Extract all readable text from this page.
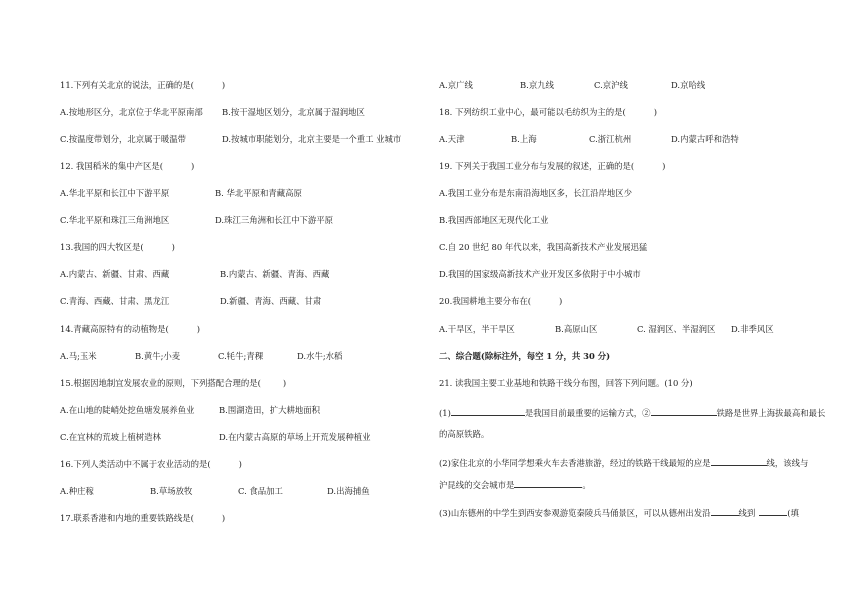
11.下列有关北京的说法，正确的是(	)
A.按地形区分，北京位于华北平原南部 B.按干湿地区划分，北京属于湿润地区
C.按温度带划分，北京属于暖温带	D.按城市职能划分，北京主要是一个重工 业城市
12. 我国稻米的集中产区是(	)
A.华北平原和长江中下游平原	B. 华北平原和青藏高原
C.华北平原和珠江三角洲地区	D.珠江三角洲和长江中下游平原
13.我国的四大牧区是(	)
A.内蒙古、新疆、甘肃、西藏	B.内蒙古、新疆、青海、西藏
C.青海、西藏、甘肃、黑龙江	D.新疆、青海、西藏、甘肃
14.青藏高原特有的动植物是(	)
A.马;玉米	B.黄牛;小麦	C.牦牛;青稞	D.水牛;水稻
15.根据因地制宜发展农业的原则，下列搭配合理的是(	)
A.在山地的陡峭处挖鱼塘发展养鱼业	B.围湖造田，扩大耕地面积
C.在宜林的荒坡上植树造林	D.在内蒙古高原的草场上开荒发展种植业
16.下列人类活动中不属于农业活动的是(	)
A.种庄稼	B.草场放牧	C. 食品加工	D.出海捕鱼
17.联系香港和内地的重要铁路线是(	)
A.京广线	B.京九线	C.京沪线	D.京哈线
18. 下列纺织工业中心，最可能以毛纺织为主的是(	)
A.天津	B.上海	C.浙江杭州	D.内蒙古呼和浩特
19. 下列关于我国工业分布与发展的叙述，正确的是(	)
A.我国工业分布是东南沿海地区多，长江沿岸地区少
B.我国西部地区无现代化工业
C.自 20 世纪 80 年代以来，我国高新技术产业发展迅猛
D.我国的国家级高新技术产业开发区多依附于中小城市
20.我国耕地主要分布在(	)
A.干旱区，半干旱区	B.高原山区	C. 湿润区、半湿润区 D.非季风区
二、综合题(除标注外，每空 1 分，共 30 分)
21. 读我国主要工业基地和铁路干线分布图，回答下列问题。(10 分)
(1)	是我国目前最重要的运输方式，②	铁路是世界上海拔最高和最长
的高原铁路。
(2)家住北京的小华同学想乘火车去香港旅游，经过的铁路干线最短的应是	线，该线与
沪昆线的交会城市是	。
(3)山东德州的中学生到西安参观游览秦陵兵马俑景区，可以从德州出发沿	线到	(填
